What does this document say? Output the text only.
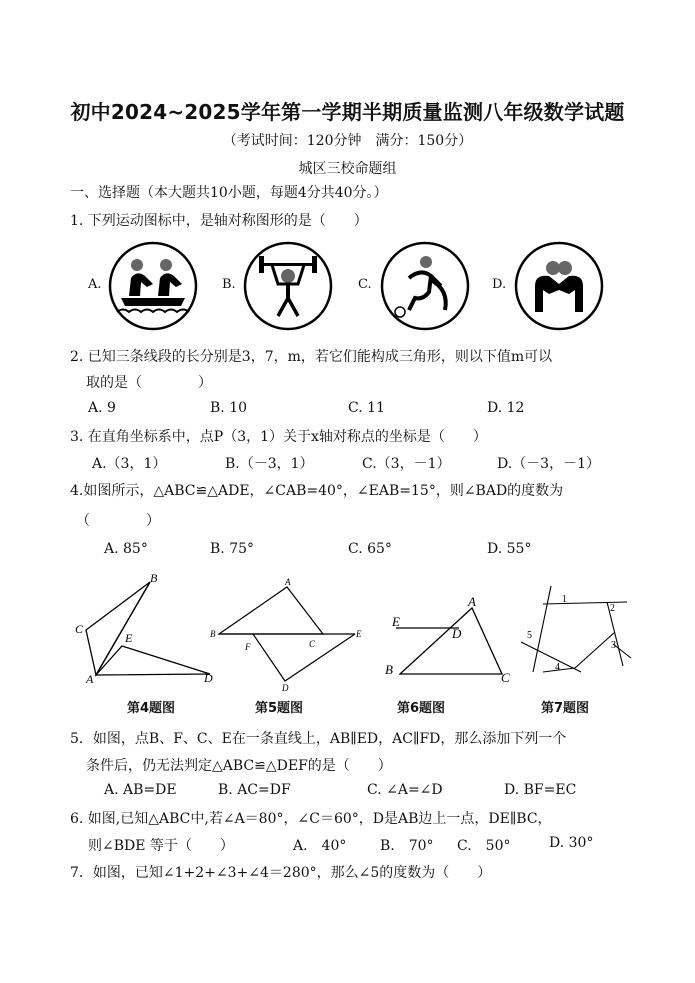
初中2024~2025学年第一学期半期质量监测八年级数学试题
（考试时间：120分钟　满分：150分）
城区三校命题组
一、选择题（本大题共10小题，每题4分共40分。）
1. 下列运动图标中，是轴对称图形的是（　　）
A.	B.	C.	D.
2. 已知三条线段的长分别是3，7，m，若它们能构成三角形，则以下值m可以
取的是（　　　　）
A. 9	B. 10	C. 11	D. 12
3. 在直角坐标系中，点P（3，1）关于x轴对称点的坐标是（　　）
A.（3，1）	B.（－3，1）	C.（3，－1）	D.（－3，－1）
4.如图所示，△ABC≌△ADE，∠CAB=40°，∠EAB=15°，则∠BAD的度数为
（　　　　）
A. 85°	B. 75°	C. 65°	D. 55°
B
C
E
A	D
第4题图
A
B
C
E
F
D
第5题图
A
E
D
B
C
第6题图
1
2
3
4
5
第7题图
5．如图，点B、F、C、E在一条直线上，AB∥ED，AC∥FD，那么添加下列一个
条件后，仍无法判定△ABC≌△DEF的是（　　）
A. AB=DE	B. AC=DF	C. ∠A=∠D	D. BF=EC
6. 如图,已知△ABC中,若∠A＝80°，∠C＝60°，D是AB边上一点，DE∥BC，
则∠BDE 等于（　　）	A.　40° B.　70° C.　50°	D. 30°
7．如图，已知∠1+2+∠3+∠4＝280°，那么∠5的度数为（　　）
